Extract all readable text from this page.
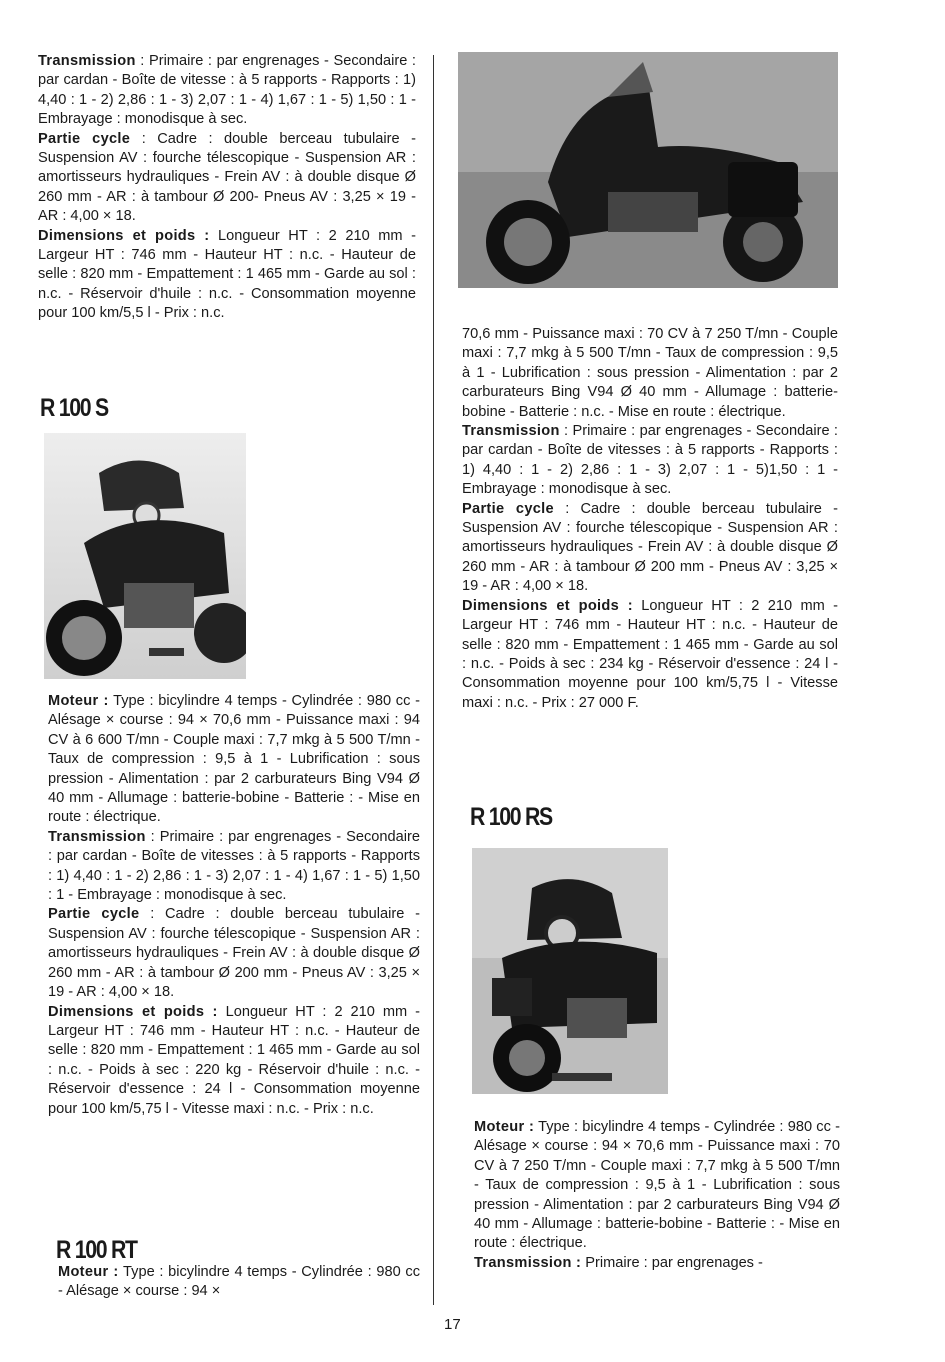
Transmission : Primaire : par engrenages - Secondaire : par cardan - Boîte de vitesse : à 5 rapports - Rapports : 1) 4,40 : 1 - 2) 2,86 : 1 - 3) 2,07 : 1 - 4) 1,67 : 1 - 5) 1,50 : 1 - Embrayage : monodisque à sec.

Partie cycle : Cadre : double berceau tubulaire - Suspension AV : fourche télescopique - Suspension AR : amortisseurs hydrauliques - Frein AV : à double disque Ø 260 mm - AR : à tambour Ø 200- Pneus AV : 3,25 × 19 - AR : 4,00 × 18.

Dimensions et poids : Longueur HT : 2 210 mm - Largeur HT : 746 mm - Hauteur HT : n.c. - Hauteur de selle : 820 mm - Empattement : 1 465 mm - Garde au sol : n.c. - Réservoir d'huile : n.c. - Consommation moyenne pour 100 km/5,5 l - Prix : n.c.

R 100 S

Moteur : Type : bicylindre 4 temps - Cylindrée : 980 cc - Alésage × course : 94 × 70,6 mm - Puissance maxi : 94 CV à 6 600 T/mn - Couple maxi : 7,7 mkg à 5 500 T/mn - Taux de compression : 9,5 à 1 - Lubrification : sous pression - Alimentation : par 2 carburateurs Bing V94 Ø 40 mm - Allumage : batterie-bobine - Batterie : - Mise en route : électrique.

Transmission : Primaire : par engrenages - Secondaire : par cardan - Boîte de vitesses : à 5 rapports - Rapports : 1) 4,40 : 1 - 2) 2,86 : 1 - 3) 2,07 : 1 - 4) 1,67 : 1 - 5) 1,50 : 1 - Embrayage : monodisque à sec.

Partie cycle : Cadre : double berceau tubulaire - Suspension AV : fourche télescopique - Suspension AR : amortisseurs hydrauliques - Frein AV : à double disque Ø 260 mm - AR : à tambour Ø 200 mm - Pneus AV : 3,25 × 19 - AR : 4,00 × 18.

Dimensions et poids : Longueur HT : 2 210 mm - Largeur HT : 746 mm - Hauteur HT : n.c. - Hauteur de selle : 820 mm - Empattement : 1 465 mm - Garde au sol : n.c. - Poids à sec : 220 kg - Réservoir d'huile : n.c. - Réservoir d'essence : 24 l - Consommation moyenne pour 100 km/5,75 l - Vitesse maxi : n.c. - Prix : n.c.

R 100 RT

Moteur : Type : bicylindre 4 temps - Cylindrée : 980 cc - Alésage × course : 94 ×

70,6 mm - Puissance maxi : 70 CV à 7 250 T/mn - Couple maxi : 7,7 mkg à 5 500 T/mn - Taux de compression : 9,5 à 1 - Lubrification : sous pression - Alimentation : par 2 carburateurs Bing V94 Ø 40 mm - Allumage : batterie-bobine - Batterie : n.c. - Mise en route : électrique.

Transmission : Primaire : par engrenages - Secondaire : par cardan - Boîte de vitesses : à 5 rapports - Rapports : 1) 4,40 : 1 - 2) 2,86 : 1 - 3) 2,07 : 1 - 5)1,50 : 1 - Embrayage : monodisque à sec.

Partie cycle : Cadre : double berceau tubulaire - Suspension AV : fourche télescopique - Suspension AR : amortisseurs hydrauliques - Frein AV : à double disque Ø 260 mm - AR : à tambour Ø 200 mm - Pneus AV : 3,25 × 19 - AR : 4,00 × 18.

Dimensions et poids : Longueur HT : 2 210 mm - Largeur HT : 746 mm - Hauteur HT : n.c. - Hauteur de selle : 820 mm - Empattement : 1 465 mm - Garde au sol : n.c. - Poids à sec : 234 kg - Réservoir d'essence : 24 l - Consommation moyenne pour 100 km/5,75 l - Vitesse maxi : n.c. - Prix : 27 000 F.

R 100 RS

Moteur : Type : bicylindre 4 temps - Cylindrée : 980 cc - Alésage × course : 94 × 70,6 mm - Puissance maxi : 70 CV à 7 250 T/mn - Couple maxi : 7,7 mkg à 5 500 T/mn - Taux de compression : 9,5 à 1 - Lubrification : sous pression - Alimentation : par 2 carburateurs Bing V94 Ø 40 mm - Allumage : batterie-bobine - Batterie : - Mise en route : électrique.

Transmission : Primaire : par engrenages -

17
